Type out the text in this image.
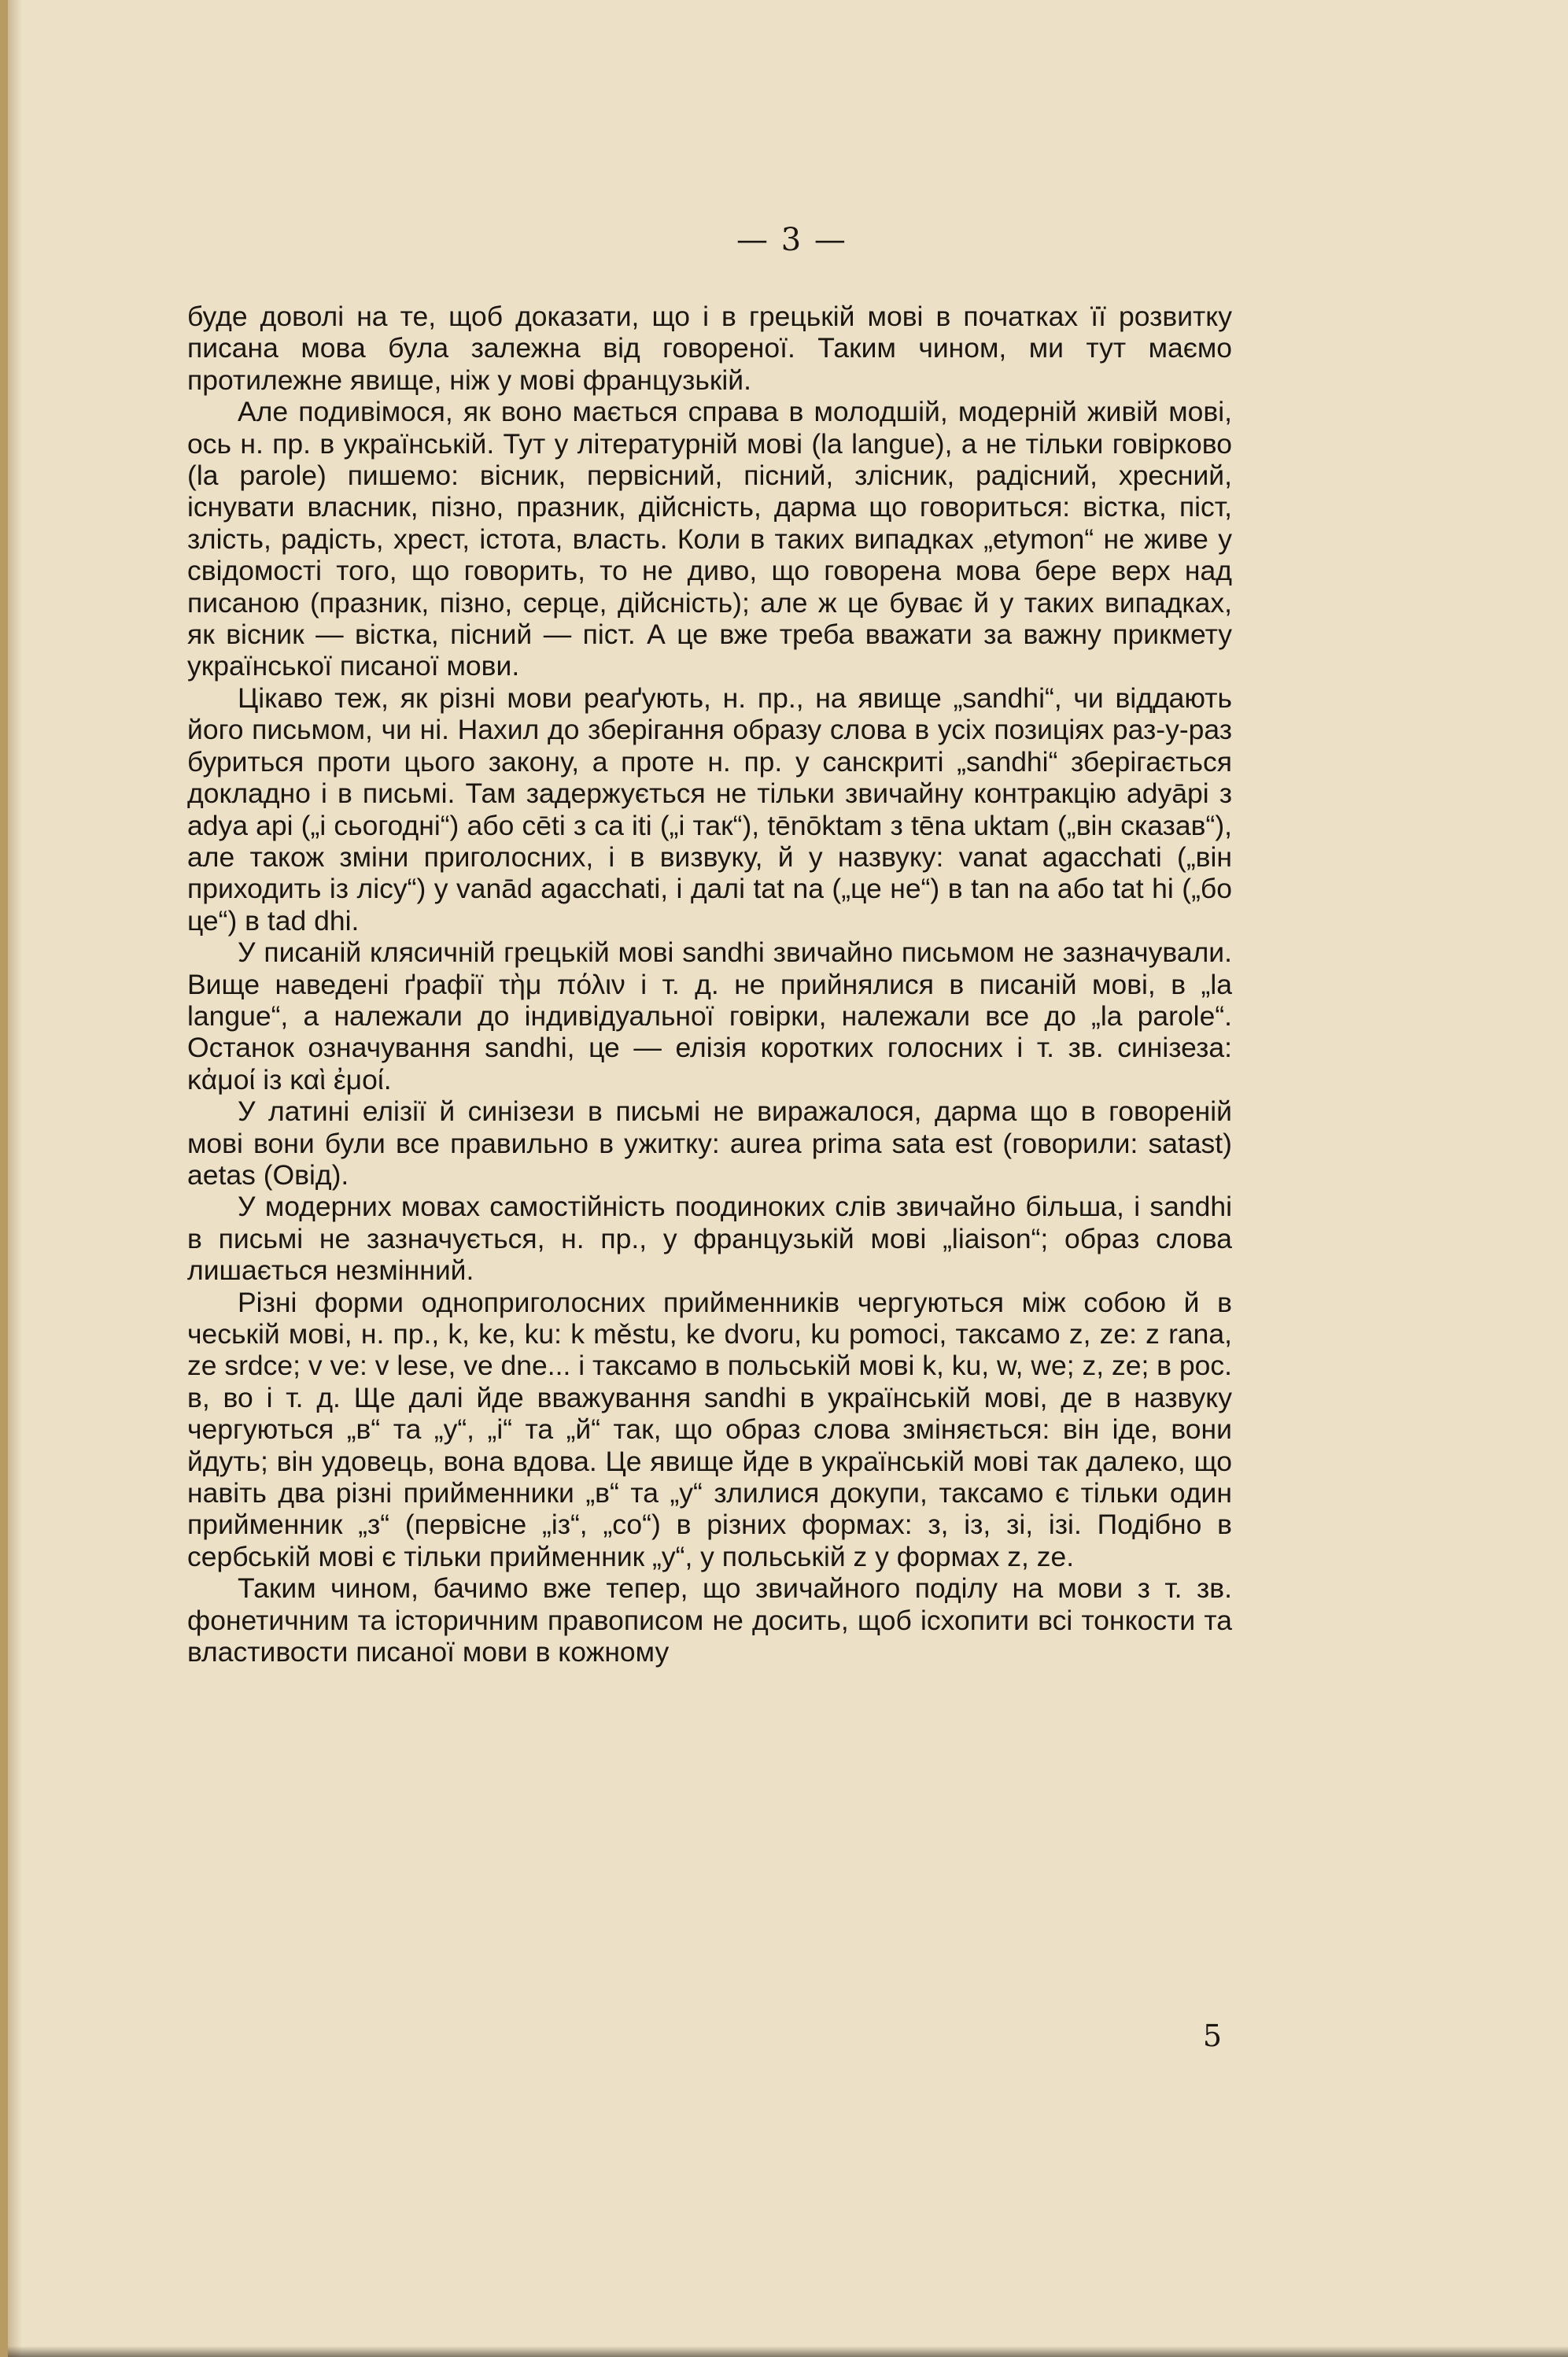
— 3 —

буде доволі на те, щоб доказати, що і в грецькій мові в початках її розвитку писана мова була залежна від говореної. Таким чином, ми тут маємо протилежне явище, ніж у мові французькій.

Але подивімося, як воно мається справа в молодшій, модерній живій мові, ось н. пр. в українській. Тут у літературній мові (la langue), а не тільки говірково (la parole) пишемо: вісник, первісний, пісний, злісник, радісний, хресний, існувати власник, пізно, празник, дійсність, дарма що говориться: вістка, піст, злість, радість, хрест, істота, власть. Коли в таких випадках „etymon“ не живе у свідомості того, що говорить, то не диво, що говорена мова бере верх над писаною (празник, пізно, серце, дійсність); але ж це буває й у таких випадках, як вісник — вістка, пісний — піст. А це вже треба вважати за важну прикмету української писаної мови.

Цікаво теж, як різні мови реаґують, н. пр., на явище „sandhi“, чи віддають його письмом, чи ні. Нахил до зберігання образу слова в усіх позиціях раз-у-раз буриться проти цього закону, а проте н. пр. у санскриті „sandhi“ зберігається докладно і в письмі. Там задержується не тільки звичайну контракцію adyāpi з adya api („і сьогодні“) або cēti з ca iti („і так“), tēnōktam з tēna uktam („він сказав“), але також зміни приголосних, і в визвуку, й у назвуку: vanat agacchati („він приходить із лісу“) у vanād agacchati, і далі tat na („це не“) в tan na або tat hi („бо це“) в tad dhi.

У писаній клясичній грецькій мові sandhi звичайно письмом не зазначували. Вище наведені ґрафії τὴμ πόλιν і т. д. не прийнялися в писаній мові, в „la langue“, а належали до індивідуальної говірки, належали все до „la parole“. Останок означування sandhi, це — елізія коротких голосних і т. зв. синізеза: κἀμοί із καὶ ἐμοί.

У латині елізії й синізези в письмі не виражалося, дарма що в говореній мові вони були все правильно в ужитку: aurea prima sata est (говорили: satast) aetas (Овід).

У модерних мовах самостійність поодиноких слів звичайно більша, і sandhi в письмі не зазначується, н. пр., у французькій мові „liaison“; образ слова лишається незмінний.

Різні форми одноприголосних прийменників чергуються між собою й в чеській мові, н. пр., k, ke, ku: k městu, ke dvoru, ku pomoci, таксамо z, ze: z rana, ze srdce; v ve: v lese, ve dne... і таксамо в польській мові k, ku, w, we; z, ze; в рос. в, во і т. д. Ще далі йде вважування sandhi в українській мові, де в назвуку чергуються „в“ та „у“, „і“ та „й“ так, що образ слова зміняється: він іде, вони йдуть; він удовець, вона вдова. Це явище йде в українській мові так далеко, що навіть два різні прийменники „в“ та „у“ злилися докупи, таксамо є тільки один прийменник „з“ (первісне „із“, „со“) в різних формах: з, із, зі, ізі. Подібно в сербській мові є тільки прийменник „у“, у польській z у формах z, ze.

Таким чином, бачимо вже тепер, що звичайного поділу на мови з т. зв. фонетичним та історичним правописом не досить, щоб ісхопити всі тонкости та властивости писаної мови в кожному

5
